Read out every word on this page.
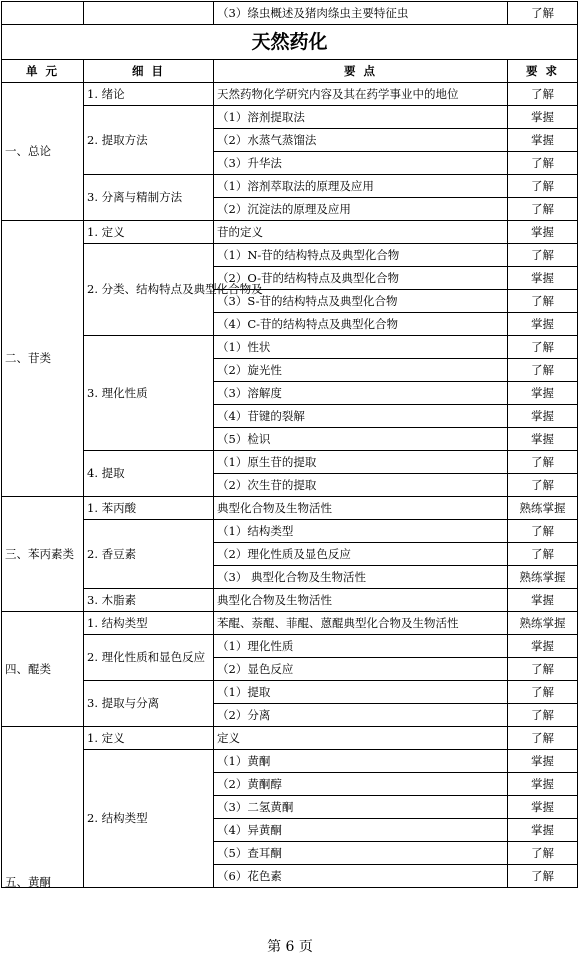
		（3）绦虫概述及猪肉绦虫主要特征虫	了解
天然药化			
单 元	细 目	要 点	要 求
一、总论	1. 绪论	天然药物化学研究内容及其在药学事业中的地位	了解
	2. 提取方法	（1）溶剂提取法	掌握
		（2）水蒸气蒸馏法	掌握
		（3）升华法	了解
	3. 分离与精制方法	（1）溶剂萃取法的原理及应用	了解
		（2）沉淀法的原理及应用	了解
二、苷类	1. 定义	苷的定义	掌握
	2. 分类、结构特点及典型化合物及	（1）N-苷的结构特点及典型化合物	了解
		（2）O-苷的结构特点及典型化合物	掌握
		（3）S-苷的结构特点及典型化合物	了解
		（4）C-苷的结构特点及典型化合物	掌握
	3. 理化性质	（1）性状	了解
		（2）旋光性	了解
		（3）溶解度	掌握
		（4）苷键的裂解	掌握
		（5）检识	掌握
	4. 提取	（1）原生苷的提取	了解
		（2）次生苷的提取	了解
三、苯丙素类	1. 苯丙酸	典型化合物及生物活性	熟练掌握
	2. 香豆素	（1）结构类型	了解
		（2）理化性质及显色反应	了解
		（3） 典型化合物及生物活性	熟练掌握
	3. 木脂素	典型化合物及生物活性	掌握
四、醌类	1. 结构类型	苯醌、萘醌、菲醌、蒽醌典型化合物及生物活性	熟练掌握
	2. 理化性质和显色反应	（1）理化性质	掌握
		（2）显色反应	了解
	3. 提取与分离	（1）提取	了解
		（2）分离	了解

五、黄酮	1. 定义	定义	了解
	2. 结构类型	（1）黄酮	掌握
		（2）黄酮醇	掌握
		（3）二氢黄酮	掌握
		（4）异黄酮	掌握
		（5）查耳酮	了解
		（6）花色素	了解
第 6 页
